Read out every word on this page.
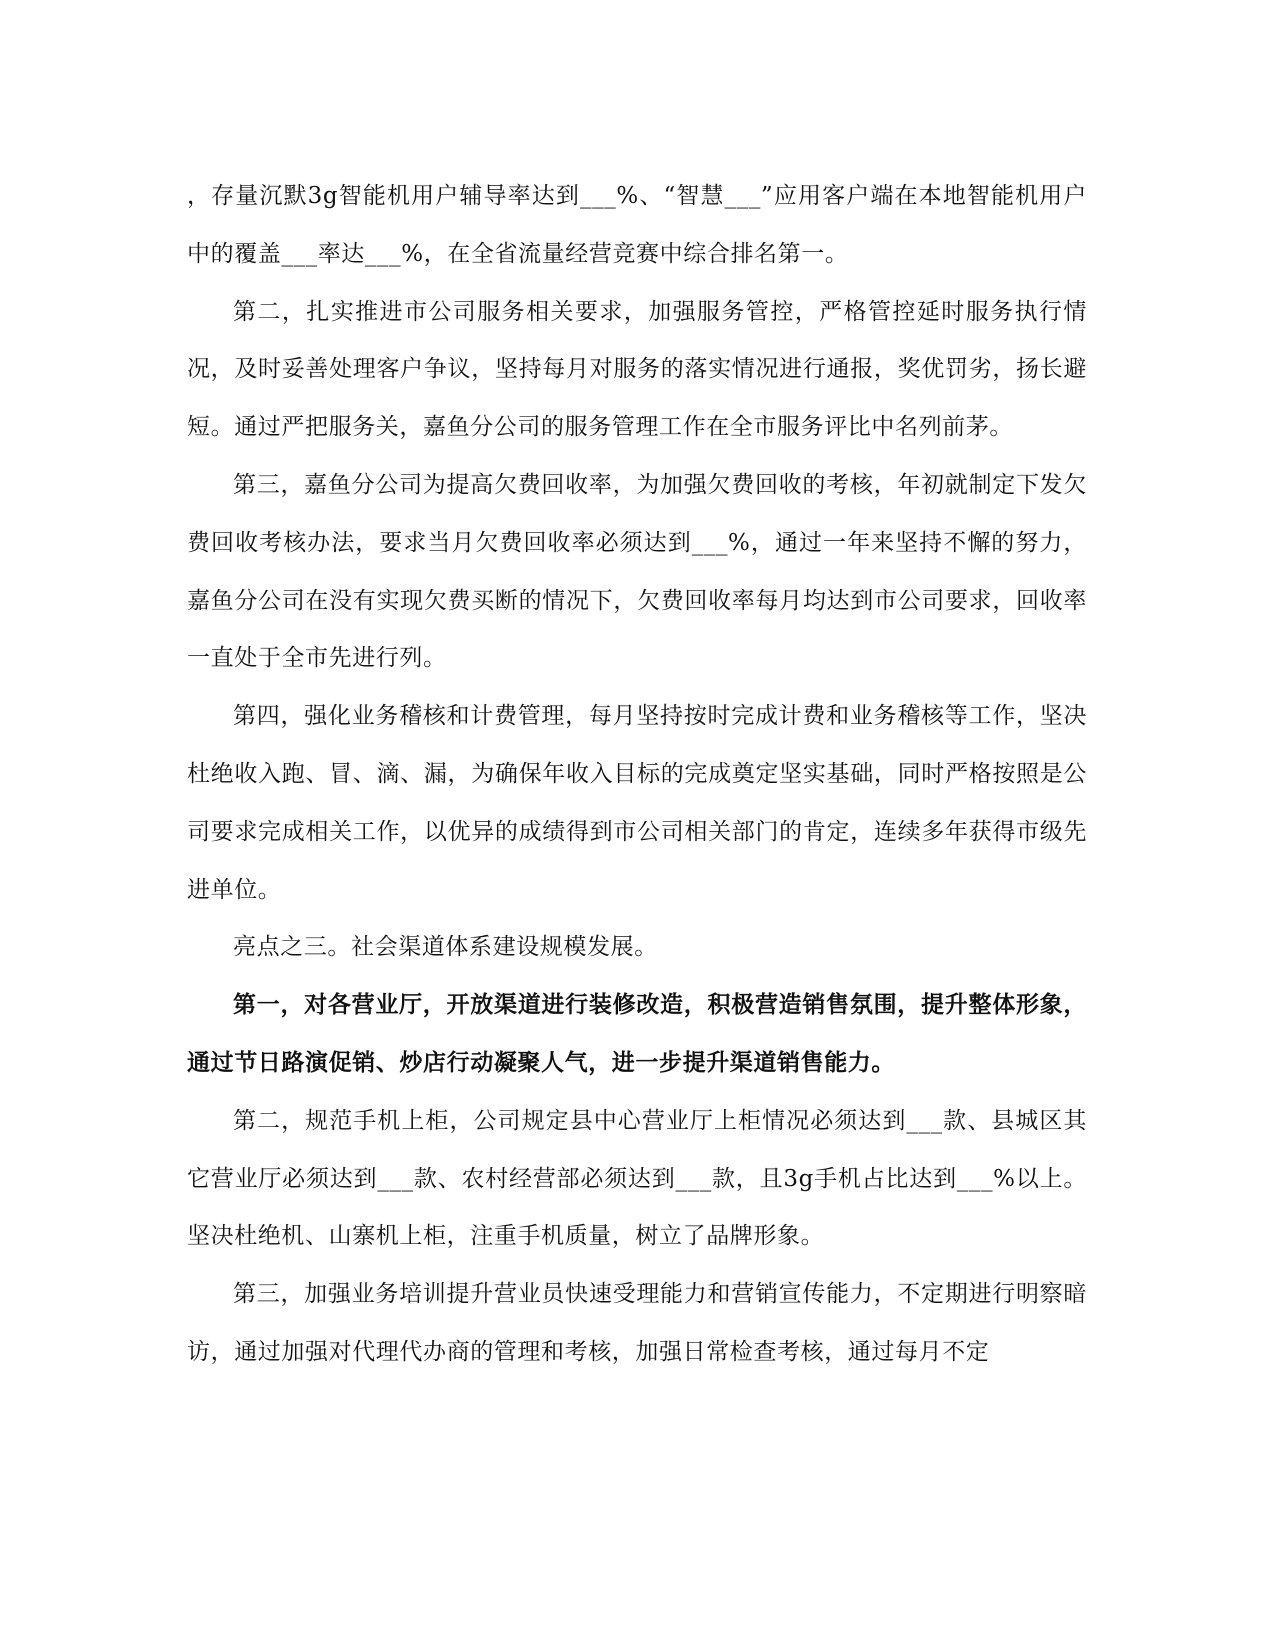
，存量沉默3g智能机用户辅导率达到___%、“智慧___”应用客户端在本地智能机用户中的覆盖___率达___%，在全省流量经营竞赛中综合排名第一。

第二，扎实推进市公司服务相关要求，加强服务管控，严格管控延时服务执行情况，及时妥善处理客户争议，坚持每月对服务的落实情况进行通报，奖优罚劣，扬长避短。通过严把服务关，嘉鱼分公司的服务管理工作在全市服务评比中名列前茅。

第三，嘉鱼分公司为提高欠费回收率，为加强欠费回收的考核，年初就制定下发欠费回收考核办法，要求当月欠费回收率必须达到___%，通过一年来坚持不懈的努力，嘉鱼分公司在没有实现欠费买断的情况下，欠费回收率每月均达到市公司要求，回收率一直处于全市先进行列。

第四，强化业务稽核和计费管理，每月坚持按时完成计费和业务稽核等工作，坚决杜绝收入跑、冒、滴、漏，为确保年收入目标的完成奠定坚实基础，同时严格按照是公司要求完成相关工作，以优异的成绩得到市公司相关部门的肯定，连续多年获得市级先进单位。

亮点之三。社会渠道体系建设规模发展。

第一，对各营业厅，开放渠道进行装修改造，积极营造销售氛围，提升整体形象，通过节日路演促销、炒店行动凝聚人气，进一步提升渠道销售能力。

第二，规范手机上柜，公司规定县中心营业厅上柜情况必须达到___款、县城区其它营业厅必须达到___款、农村经营部必须达到___款，且3g手机占比达到___%以上。坚决杜绝机、山寨机上柜，注重手机质量，树立了品牌形象。

第三，加强业务培训提升营业员快速受理能力和营销宣传能力，不定期进行明察暗访，通过加强对代理代办商的管理和考核，加强日常检查考核，通过每月不定
